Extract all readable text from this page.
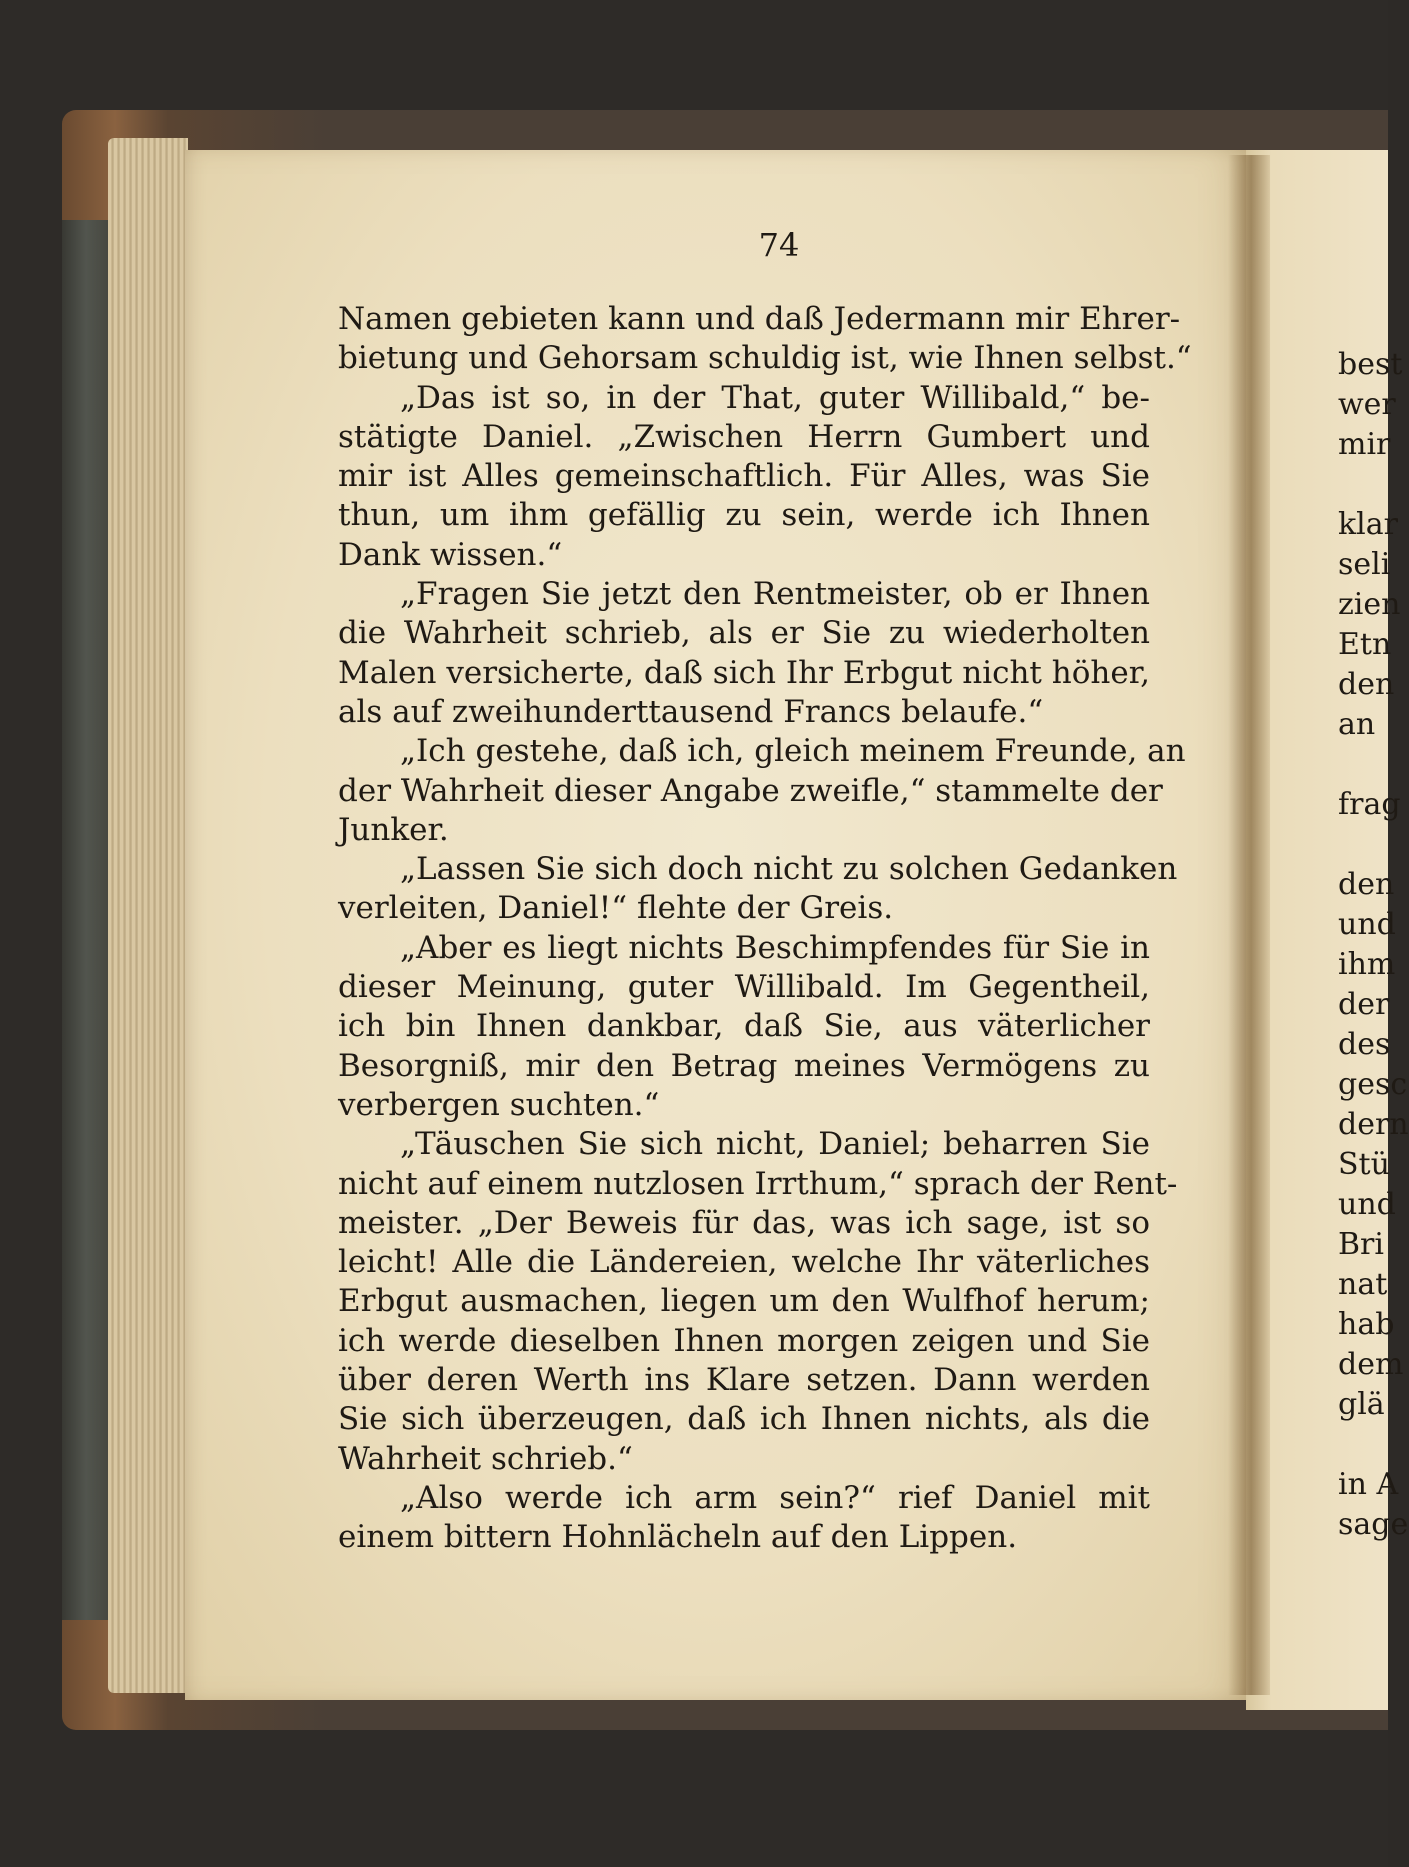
74
Namen gebieten kann und daß Jedermann mir Ehrer-
bietung und Gehorsam schuldig ist, wie Ihnen selbst.“
„Das ist so, in der That, guter Willibald,“ be-
stätigte Daniel. „Zwischen Herrn Gumbert und
mir ist Alles gemeinschaftlich. Für Alles, was Sie
thun, um ihm gefällig zu sein, werde ich Ihnen
Dank wissen.“
„Fragen Sie jetzt den Rentmeister, ob er Ihnen
die Wahrheit schrieb, als er Sie zu wiederholten
Malen versicherte, daß sich Ihr Erbgut nicht höher,
als auf zweihunderttausend Francs belaufe.“
„Ich gestehe, daß ich, gleich meinem Freunde, an
der Wahrheit dieser Angabe zweifle,“ stammelte der
Junker.
„Lassen Sie sich doch nicht zu solchen Gedanken
verleiten, Daniel!“ flehte der Greis.
„Aber es liegt nichts Beschimpfendes für Sie in
dieser Meinung, guter Willibald. Im Gegentheil,
ich bin Ihnen dankbar, daß Sie, aus väterlicher
Besorgniß, mir den Betrag meines Vermögens zu
verbergen suchten.“
„Täuschen Sie sich nicht, Daniel; beharren Sie
nicht auf einem nutzlosen Irrthum,“ sprach der Rent-
meister. „Der Beweis für das, was ich sage, ist so
leicht! Alle die Ländereien, welche Ihr väterliches
Erbgut ausmachen, liegen um den Wulfhof herum;
ich werde dieselben Ihnen morgen zeigen und Sie
über deren Werth ins Klare setzen. Dann werden
Sie sich überzeugen, daß ich Ihnen nichts, als die
Wahrheit schrieb.“
„Also werde ich arm sein?“ rief Daniel mit
einem bittern Hohnlächeln auf den Lippen.
best
wer
mir
klar
seli
zien
Etn
den
an
frag
den
und
ihm
der
des
gesc
dern
Stü
und
Bri
nat
hab
dem
glä
in A
sage
